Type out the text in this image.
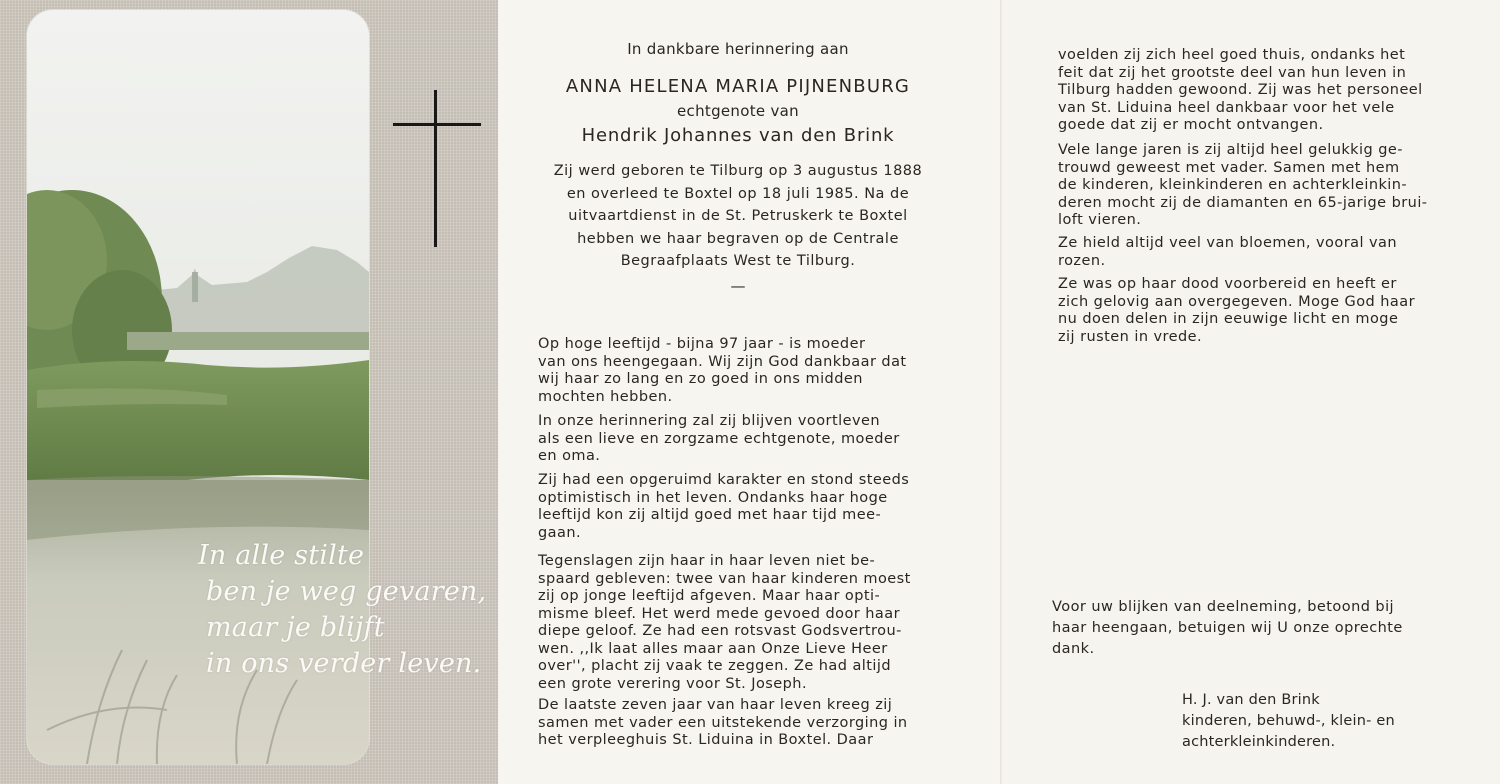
In alle stilte
ben je weg gevaren,
maar je blijft
in ons verder leven.
In dankbare herinnering aan
ANNA HELENA MARIA PIJNENBURG
echtgenote van
Hendrik Johannes van den Brink
Zij werd geboren te Tilburg op 3 augustus 1888
en overleed te Boxtel op 18 juli 1985. Na de
uitvaartdienst in de St. Petruskerk te Boxtel
hebben we haar begraven op de Centrale
Begraafplaats West te Tilburg.
—
Op hoge leeftijd - bijna 97 jaar - is moeder
van ons heengegaan. Wij zijn God dankbaar dat
wij haar zo lang en zo goed in ons midden
mochten hebben.
In onze herinnering zal zij blijven voortleven
als een lieve en zorgzame echtgenote, moeder
en oma.
Zij had een opgeruimd karakter en stond steeds
optimistisch in het leven. Ondanks haar hoge
leeftijd kon zij altijd goed met haar tijd mee-
gaan.
Tegenslagen zijn haar in haar leven niet be-
spaard gebleven: twee van haar kinderen moest
zij op jonge leeftijd afgeven. Maar haar opti-
misme bleef. Het werd mede gevoed door haar
diepe geloof. Ze had een rotsvast Godsvertrou-
wen. ,,Ik laat alles maar aan Onze Lieve Heer
over'', placht zij vaak te zeggen. Ze had altijd
een grote verering voor St. Joseph.
De laatste zeven jaar van haar leven kreeg zij
samen met vader een uitstekende verzorging in
het verpleeghuis St. Liduina in Boxtel. Daar
voelden zij zich heel goed thuis, ondanks het
feit dat zij het grootste deel van hun leven in
Tilburg hadden gewoond. Zij was het personeel
van St. Liduina heel dankbaar voor het vele
goede dat zij er mocht ontvangen.
Vele lange jaren is zij altijd heel gelukkig ge-
trouwd geweest met vader. Samen met hem
de kinderen, kleinkinderen en achterkleinkin-
deren mocht zij de diamanten en 65-jarige brui-
loft vieren.
Ze hield altijd veel van bloemen, vooral van
rozen.
Ze was op haar dood voorbereid en heeft er
zich gelovig aan overgegeven. Moge God haar
nu doen delen in zijn eeuwige licht en moge
zij rusten in vrede.
Voor uw blijken van deelneming, betoond bij
haar heengaan, betuigen wij U onze oprechte
dank.
H. J. van den Brink
kinderen, behuwd-, klein- en
achterkleinkinderen.
